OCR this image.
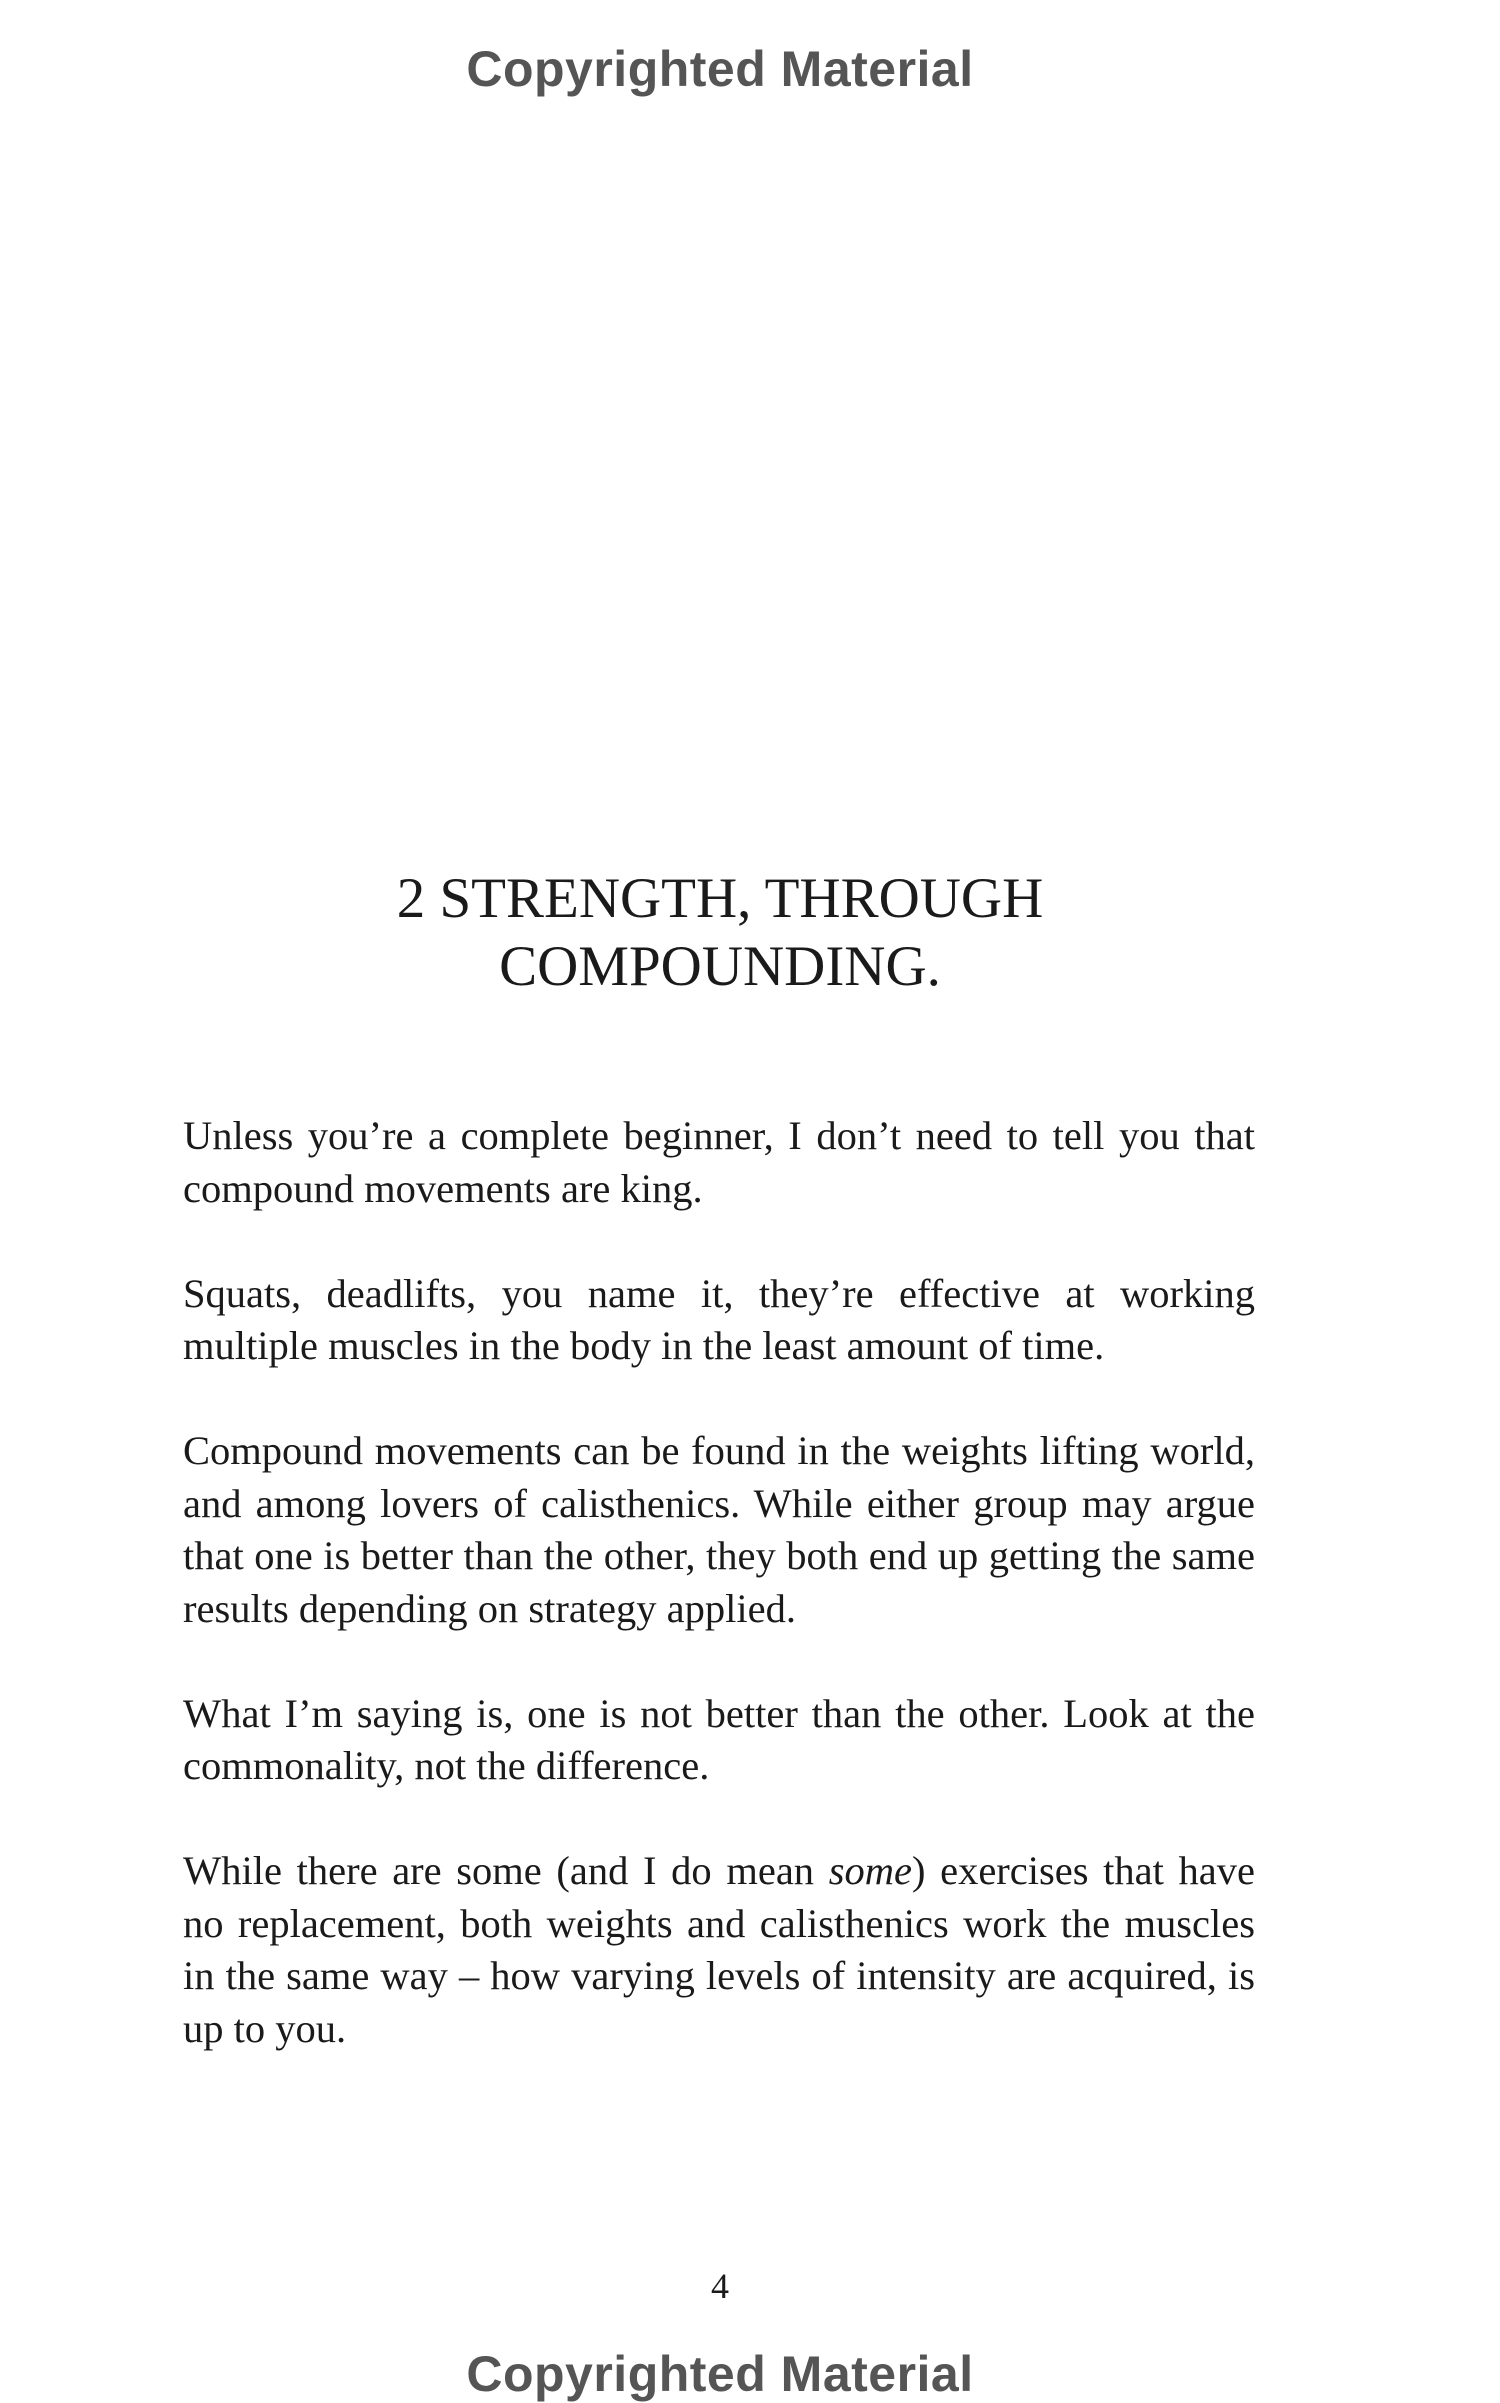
Copyrighted Material
2 STRENGTH, THROUGH
COMPOUNDING.

Unless you’re a complete beginner, I don’t need to tell you that compound movements are king.

Squats, deadlifts, you name it, they’re effective at working multiple muscles in the body in the least amount of time.

Compound movements can be found in the weights lifting world, and among lovers of calisthenics. While either group may argue that one is better than the other, they both end up getting the same results depending on strategy applied.

What I’m saying is, one is not better than the other. Look at the commonality, not the difference.

While there are some (and I do mean some) exercises that have no replacement, both weights and calisthenics work the muscles in the same way – how varying levels of intensity are acquired, is up to you.

4
Copyrighted Material
